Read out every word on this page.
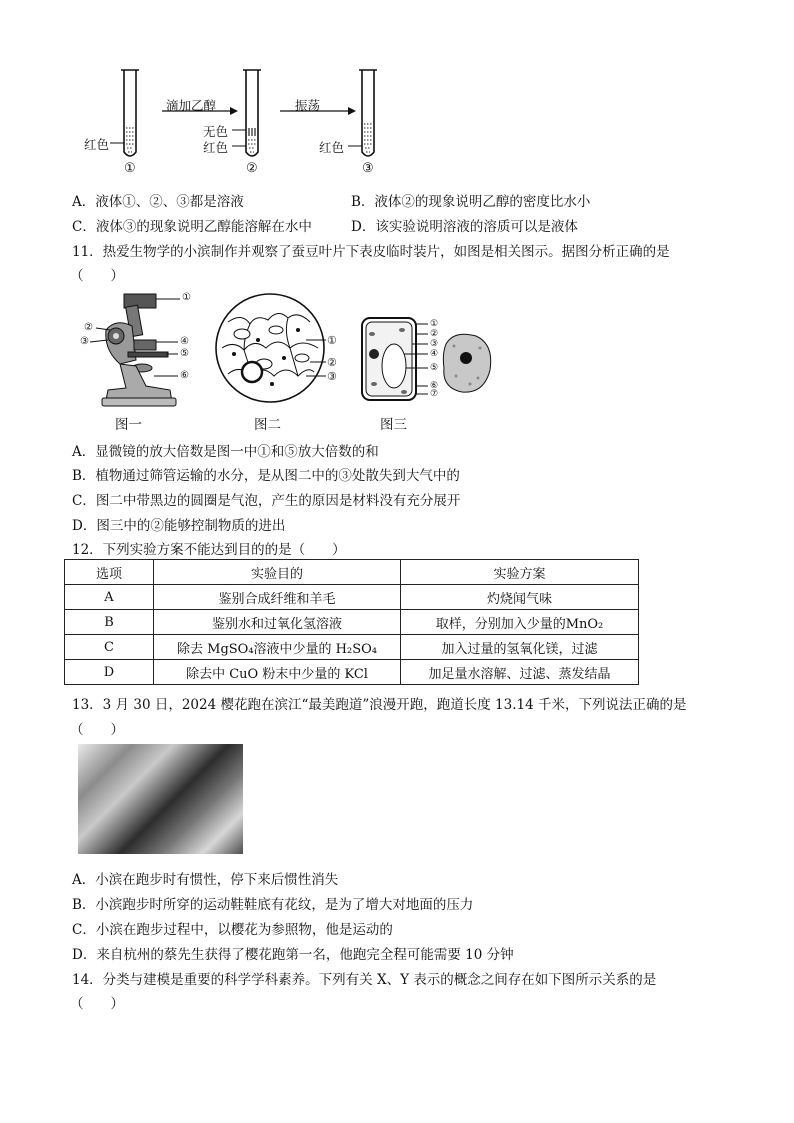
滴加乙醇	振荡
红色
无色
红色	红色
①	②	③
A．液体①、②、③都是溶液	B．液体②的现象说明乙醇的密度比水小
C．液体③的现象说明乙醇能溶解在水中	D．该实验说明溶液的溶质可以是液体
11．热爱生物学的小滨制作并观察了蚕豆叶片下表皮临时装片，如图是相关图示。据图分析正确的是
（　　）
①
②
③	④
⑤
⑥
图一
①
②
③
图二
①
②
③
④
⑤
⑥
⑦
图三
A．显微镜的放大倍数是图一中①和⑤放大倍数的和
B．植物通过筛管运输的水分，是从图二中的③处散失到大气中的
C．图二中带黑边的圆圈是气泡，产生的原因是材料没有充分展开
D．图三中的②能够控制物质的进出
12．下列实验方案不能达到目的的是（　　）
选项	实验目的	实验方案
A	鉴别合成纤维和羊毛	灼烧闻气味
B	鉴别水和过氧化氢溶液	取样，分别加入少量的MnO₂
C	除去 MgSO₄溶液中少量的 H₂SO₄	加入过量的氢氧化镁，过滤
D	除去中 CuO 粉末中少量的 KCl	加足量水溶解、过滤、蒸发结晶
13．3 月 30 日，2024 樱花跑在滨江“最美跑道”浪漫开跑，跑道长度 13.14 千米，下列说法正确的是
（　　）
A．小滨在跑步时有惯性，停下来后惯性消失
B．小滨跑步时所穿的运动鞋鞋底有花纹，是为了增大对地面的压力
C．小滨在跑步过程中，以樱花为参照物，他是运动的
D．来自杭州的蔡先生获得了樱花跑第一名，他跑完全程可能需要 10 分钟
14．分类与建模是重要的科学学科素养。下列有关 X、Y 表示的概念之间存在如下图所示关系的是
（　　）
